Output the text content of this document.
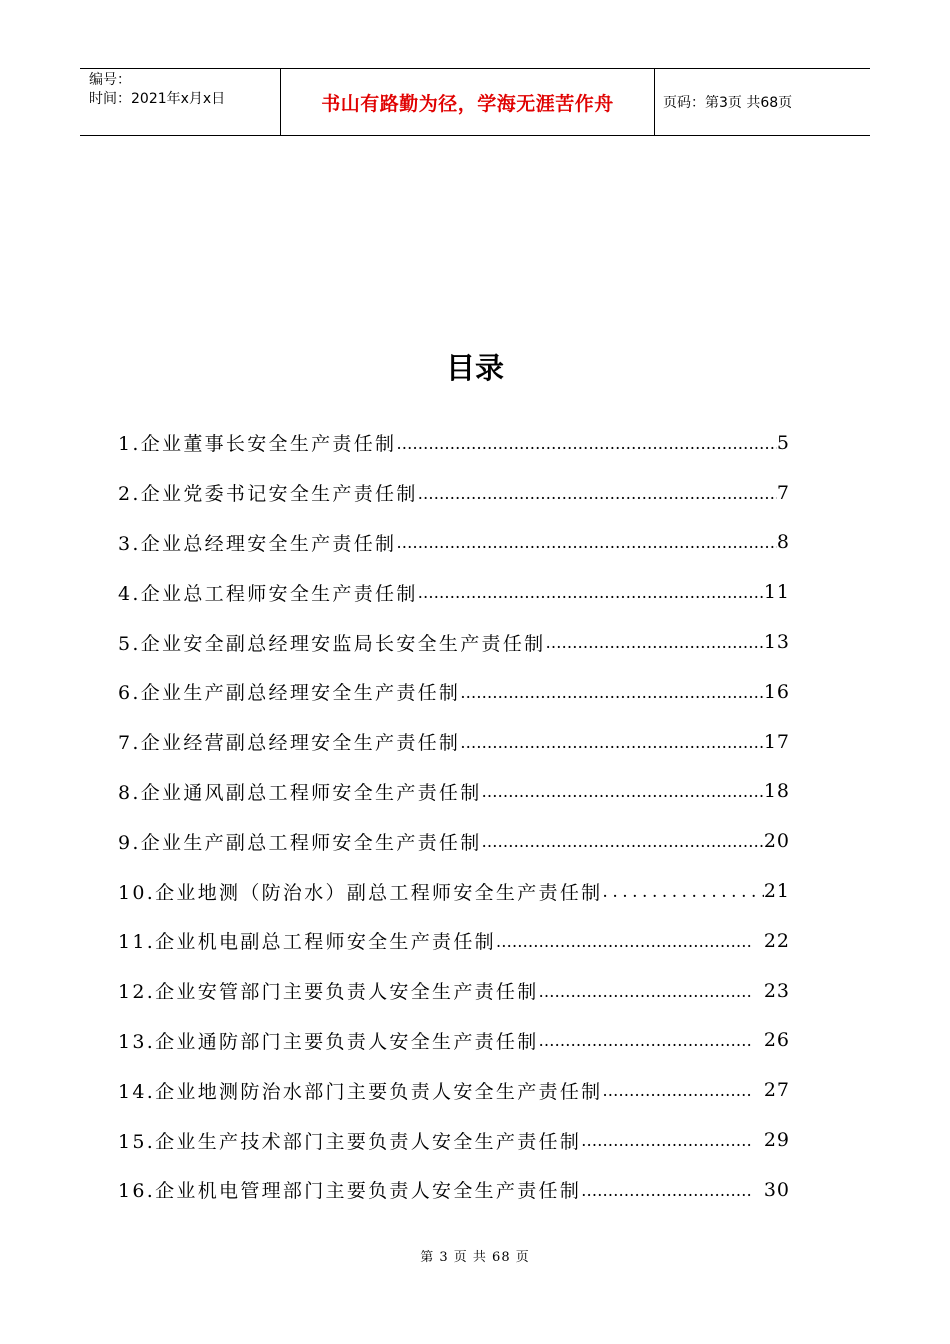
编号：
时间：2021年x月x日	书山有路勤为径，学海无涯苦作舟	页码：第3页 共68页
目录
1.企业董事长安全生产责任制 …………………………………………………………………………………………………………………………	5
2.企业党委书记安全生产责任制 …………………………………………………………………………………………………………………………	7
3.企业总经理安全生产责任制 …………………………………………………………………………………………………………………………	8
4.企业总工程师安全生产责任制 …………………………………………………………………………………………………………………………	11
5.企业安全副总经理安监局长安全生产责任制 …………………………………………………………………………………………………………………………	13
6.企业生产副总经理安全生产责任制 …………………………………………………………………………………………………………………………	16
7.企业经营副总经理安全生产责任制 …………………………………………………………………………………………………………………………	17
8.企业通风副总工程师安全生产责任制 …………………………………………………………………………………………………………………………	18
9.企业生产副总工程师安全生产责任制 …………………………………………………………………………………………………………………………	20
10.企业地测（防治水）副总工程师安全生产责任制 .....	21
11.企业机电副总工程师安全生产责任制 …………………………………………………………………………………………………………………………	22
12.企业安管部门主要负责人安全生产责任制 …………………………………………………………………………………………………………………………	23
13.企业通防部门主要负责人安全生产责任制 …………………………………………………………………………………………………………………………	26
14.企业地测防治水部门主要负责人安全生产责任制 …………………………………………………………………………………………………………………………	27
15.企业生产技术部门主要负责人安全生产责任制 …………………………………………………………………………………………………………………………	29
16.企业机电管理部门主要负责人安全生产责任制 …………………………………………………………………………………………………………………………	30
第 3 页 共 68 页
